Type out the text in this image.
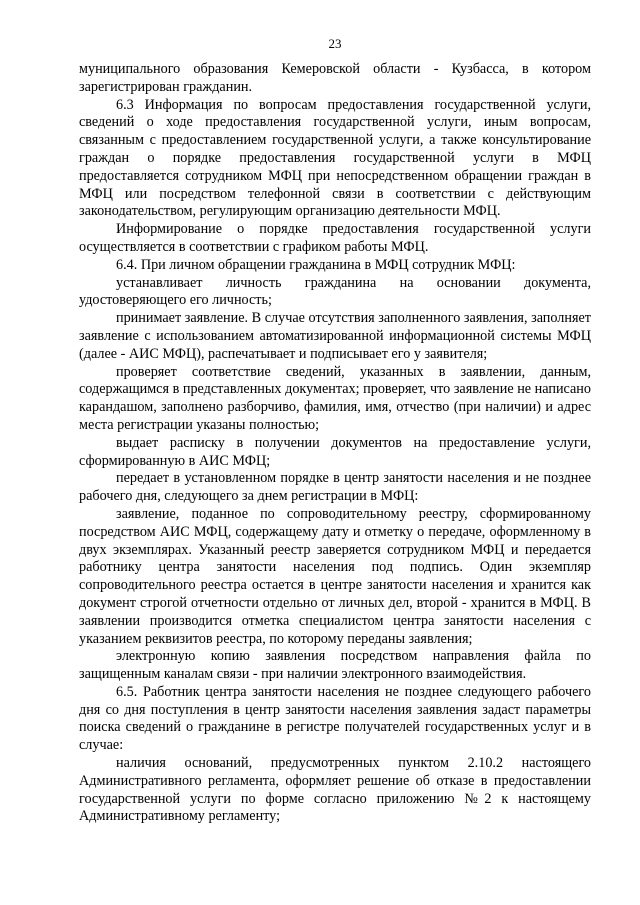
23

муниципального образования Кемеровской области - Кузбасса, в котором зарегистрирован гражданин.

6.3 Информация по вопросам предоставления государственной услуги, сведений о ходе предоставления государственной услуги, иным вопросам, связанным с предоставлением государственной услуги, а также консультирование граждан о порядке предоставления государственной услуги в МФЦ предоставляется сотрудником МФЦ при непосредственном обращении граждан в МФЦ или посредством телефонной связи в соответствии с действующим законодательством, регулирующим организацию деятельности МФЦ.

Информирование о порядке предоставления государственной услуги осуществляется в соответствии с графиком работы МФЦ.

6.4. При личном обращении гражданина в МФЦ сотрудник МФЦ:

устанавливает личность гражданина на основании документа, удостоверяющего его личность;

принимает заявление. В случае отсутствия заполненного заявления, заполняет заявление с использованием автоматизированной информационной системы МФЦ (далее - АИС МФЦ), распечатывает и подписывает его у заявителя;

проверяет соответствие сведений, указанных в заявлении, данным, содержащимся в представленных документах; проверяет, что заявление не написано карандашом, заполнено разборчиво, фамилия, имя, отчество (при наличии) и адрес места регистрации указаны полностью;

выдает расписку в получении документов на предоставление услуги, сформированную в АИС МФЦ;

передает в установленном порядке в центр занятости населения и не позднее рабочего дня, следующего за днем регистрации в МФЦ:

заявление, поданное по сопроводительному реестру, сформированному посредством АИС МФЦ, содержащему дату и отметку о передаче, оформленному в двух экземплярах. Указанный реестр заверяется сотрудником МФЦ и передается работнику центра занятости населения под подпись. Один экземпляр сопроводительного реестра остается в центре занятости населения и хранится как документ строгой отчетности отдельно от личных дел, второй - хранится в МФЦ. В заявлении производится отметка специалистом центра занятости населения с указанием реквизитов реестра, по которому переданы заявления;

электронную копию заявления посредством направления файла по защищенным каналам связи - при наличии электронного взаимодействия.

6.5. Работник центра занятости населения не позднее следующего рабочего дня со дня поступления в центр занятости населения заявления задаст параметры поиска сведений о гражданине в регистре получателей государственных услуг и в случае:

наличия оснований, предусмотренных пунктом 2.10.2 настоящего Административного регламента, оформляет решение об отказе в предоставлении государственной услуги по форме согласно приложению №2 к настоящему Административному регламенту;
